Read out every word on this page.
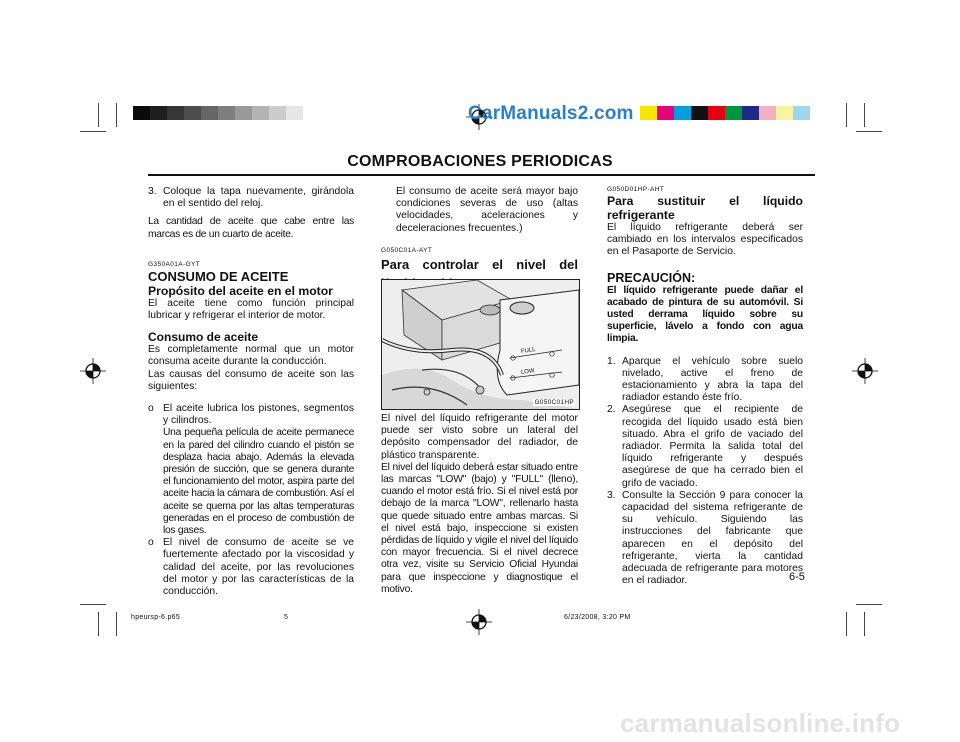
CarManuals2.com
COMPROBACIONES PERIODICAS
3. Coloque la tapa nuevamente, girándola en el sentido del reloj.

La cantidad de aceite que cabe entre las marcas es de un cuarto de aceite.

G350A01A-GYT

CONSUMO DE ACEITE

Propósito del aceite en el motor

El aceite tiene como función principal lubricar y refrigerar el interior de motor.

Consumo de aceite

Es completamente normal que un motor consuma aceite durante la conducción.

Las causas del consumo de aceite son las siguientes:

o El aceite lubrica los pistones, segmentos y cilindros.
Una pequeña película de aceite permanece en la pared del cilindro cuando el pistón se desplaza hacia abajo. Además la elevada presión de succión, que se genera durante el funcionamiento del motor, aspira parte del aceite hacia la cámara de combustión. Así el aceite se quema por las altas temperaturas generadas en el proceso de combustión de los gases.
o El nivel de consumo de aceite se ve fuertemente afectado por la viscosidad y calidad del aceite, por las revoluciones del motor y por las características de la conducción.

El consumo de aceite será mayor bajo condiciones severas de uso (altas velocidades, aceleraciones y deceleraciones frecuentes.)

G050C01A-AYT

Para controlar el nivel del

FULL
LOW
G050C01HP

El nivel del líquido refrigerante del motor puede ser visto sobre un lateral del depósito compensador del radiador, de plástico transparente.

El nivel del líquido deberá estar situado entre las marcas "LOW" (bajo) y "FULL" (lleno), cuando el motor está frío. Si el nivel está por debajo de la marca "LOW", rellenarlo hasta que quede situado entre ambas marcas. Si el nivel está bajo, inspeccione si existen pérdidas de líquido y vigile el nivel del líquido con mayor frecuencia. Si el nivel decrece otra vez, visite su Servicio Oficial Hyundai para que inspeccione y diagnostique el motivo.

G050D01HP-AHT

Para sustituir el líquido refrigerante

El líquido refrigerante deberá ser cambiado en los intervalos especificados en el Pasaporte de Servicio.

PRECAUCIÓN:

El líquido refrigerante puede dañar el acabado de pintura de su automóvil. Si usted derrama líquido sobre su superficie, lávelo a fondo con agua limpia.

1. Aparque el vehículo sobre suelo nivelado, active el freno de estacionamiento y abra la tapa del radiador estando éste frío.
2. Asegúrese que el recipiente de recogida del líquido usado está bien situado. Abra el grifo de vaciado del radiador. Permita la salida total del líquido refrigerante y después asegúrese de que ha cerrado bien el grifo de vaciado.
3. Consulte la Sección 9 para conocer la capacidad del sistema refrigerante de su vehículo. Siguiendo las instrucciones del fabricante que aparecen en el depósito del refrigerante, vierta la cantidad adecuada de refrigerante para motores en el radiador.	6-5
hpeursp-6.p65	5	6/23/2008, 3:20 PM
carmanualsonline.info
